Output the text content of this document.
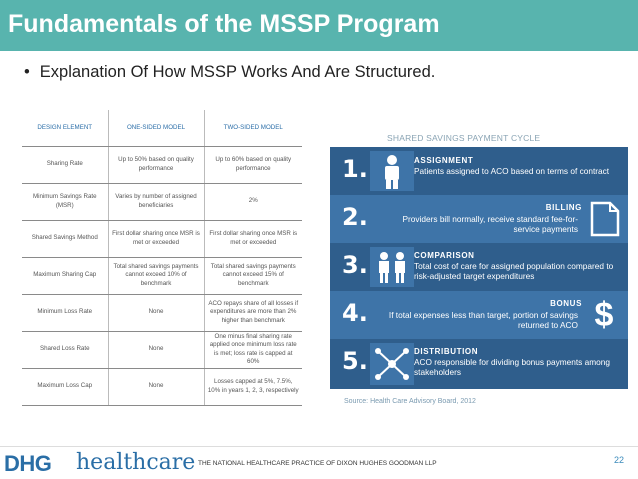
Fundamentals of the MSSP Program
• Explanation Of How MSSP Works And Are Structured.
DESIGN ELEMENT	ONE-SIDED MODEL	TWO-SIDED MODEL
Sharing Rate	Up to 50% based on quality performance	Up to 60% based on quality performance
Minimum Savings Rate (MSR)	Varies by number of assigned beneficiaries	2%
Shared Savings Method	First dollar sharing once MSR is met or exceeded	First dollar sharing once MSR is met or exceeded
Maximum Sharing Cap	Total shared savings payments cannot exceed 10% of benchmark	Total shared savings payments cannot exceed 15% of benchmark
Minimum Loss Rate	None	ACO repays share of all losses if expenditures are more than 2% higher than benchmark
Shared Loss Rate	None	One minus final sharing rate applied once minimum loss rate is met; loss rate is capped at 60%
Maximum Loss Cap	None	Losses capped at 5%, 7.5%, 10% in years 1, 2, 3, respectively
SHARED SAVINGS PAYMENT CYCLE
1.	ASSIGNMENT
Patients assigned to ACO based on terms of contract
2.	BILLING
Providers bill normally, receive standard fee-for-service payments
3.	COMPARISON
Total cost of care for assigned population compared to risk-adjusted target expenditures
4.	BONUS
If total expenses less than target, portion of savings returned to ACO $
5.	DISTRIBUTION
ACO responsible for dividing bonus payments among stakeholders
Source: Health Care Advisory Board, 2012
DHG healthcare THE NATIONAL HEALTHCARE PRACTICE OF DIXON HUGHES GOODMAN LLP	22
